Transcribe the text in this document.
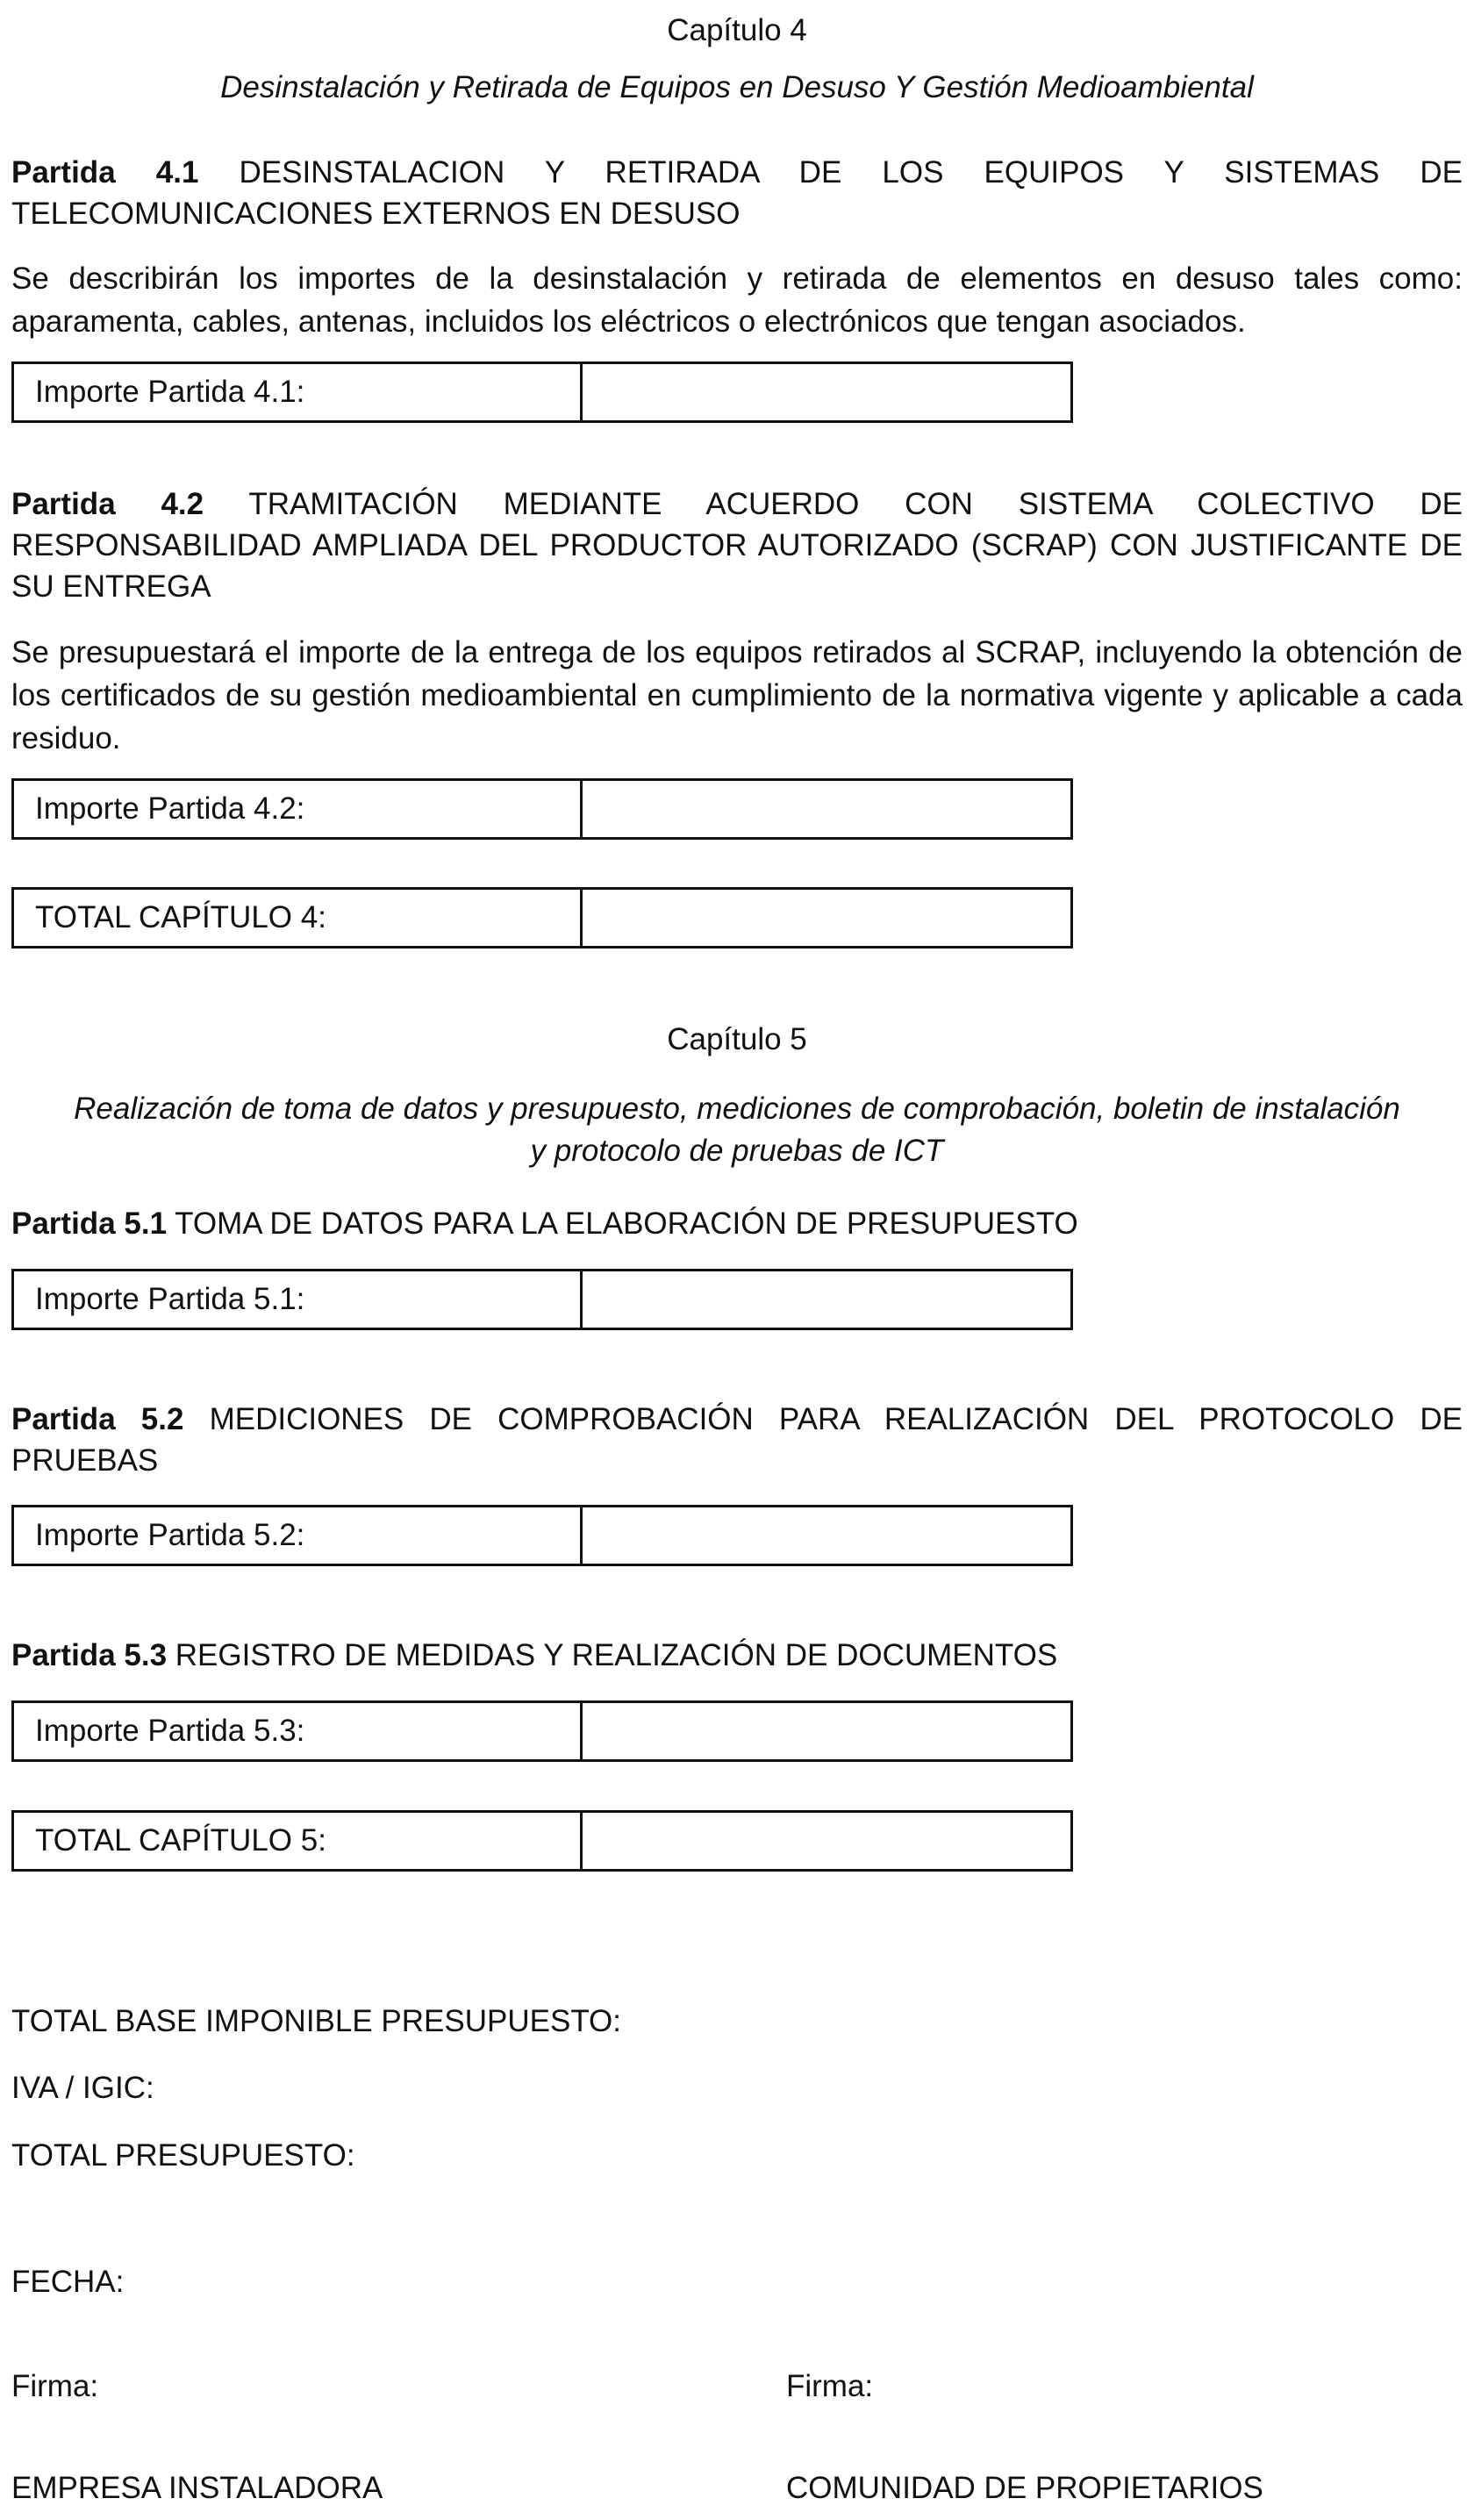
Capítulo 4

Desinstalación y Retirada de Equipos en Desuso Y Gestión Medioambiental

Partida 4.1 DESINSTALACION Y RETIRADA DE LOS EQUIPOS Y SISTEMAS DE TELECOMUNICACIONES EXTERNOS EN DESUSO

Se describirán los importes de la desinstalación y retirada de elementos en desuso tales como: aparamenta, cables, antenas, incluidos los eléctricos o electrónicos que tengan asociados.

Importe Partida 4.1:

Partida 4.2 TRAMITACIÓN MEDIANTE ACUERDO CON SISTEMA COLECTIVO DE RESPONSABILIDAD AMPLIADA DEL PRODUCTOR AUTORIZADO (SCRAP) CON JUSTIFICANTE DE SU ENTREGA

Se presupuestará el importe de la entrega de los equipos retirados al SCRAP, incluyendo la obtención de los certificados de su gestión medioambiental en cumplimiento de la normativa vigente y aplicable a cada residuo.

Importe Partida 4.2:
TOTAL CAPÍTULO 4:

Capítulo 5

Realización de toma de datos y presupuesto, mediciones de comprobación, boletin de instalación

y protocolo de pruebas de ICT

Partida 5.1 TOMA DE DATOS PARA LA ELABORACIÓN DE PRESUPUESTO

Importe Partida 5.1:

Partida 5.2 MEDICIONES DE COMPROBACIÓN PARA REALIZACIÓN DEL PROTOCOLO DE PRUEBAS

Importe Partida 5.2:

Partida 5.3 REGISTRO DE MEDIDAS Y REALIZACIÓN DE DOCUMENTOS

Importe Partida 5.3:
TOTAL CAPÍTULO 5:

TOTAL BASE IMPONIBLE PRESUPUESTO:

IVA / IGIC:

TOTAL PRESUPUESTO:

FECHA:

Firma:	Firma:

EMPRESA INSTALADORA	COMUNIDAD DE PROPIETARIOS
